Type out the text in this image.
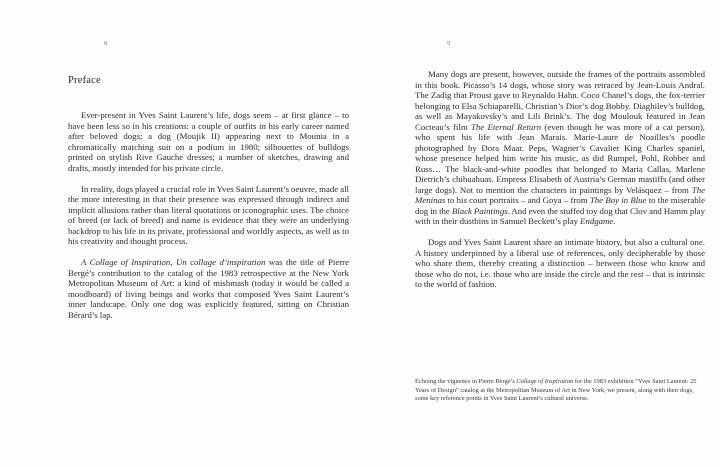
8
Preface

Ever-present in Yves Saint Laurent’s life, dogs seem – at first glance – to have been less so in his creations: a couple of outfits in his early career named after beloved dogs; a dog (Moujik II) appearing next to Mounia in a chromatically matching suit on a podium in 1980; silhouettes of bulldogs printed on stylish Rive Gauche dresses; a number of sketches, drawing and drafts, mostly intended for his private circle.

In reality, dogs played a crucial role in Yves Saint Laurent’s oeuvre, made all the more interesting in that their presence was expressed through indirect and implicit allusions rather than literal quotations or iconographic uses. The choice of breed (or lack of breed) and name is evidence that they were an underlying backdrop to his life in its private, professional and worldly aspects, as well as to his creativity and thought process.

A Collage of Inspiration, Un collage d’inspiration was the title of Pierre Bergé’s contribution to the catalog of the 1983 retrospective at the New York Metropolitan Museum of Art: a kind of mishmash (today it would be called a moodboard) of living beings and works that composed Yves Saint Laurent’s inner landscape. Only one dog was explicitly featured, sitting on Christian Bérard’s lap.

9

Many dogs are present, however, outside the frames of the portraits assembled in this book. Picasso’s 14 dogs, whose story was retraced by Jean-Louis Andral. The Zadig that Proust gave to Reynaldo Hahn. Coco Chanel’s dogs, the fox-terrier belonging to Elsa Schiaparelli, Christian’s Dior’s dog Bobby. Diaghilev’s bulldog, as well as Mayakovsky’s and Lili Brink’s. The dog Moulouk featured in Jean Cocteau’s film The Eternal Return (even though he was more of a cat person), who spent his life with Jean Marais. Marie-Laure de Noailles’s poodle photographed by Dora Maar. Peps, Wagner’s Cavalier King Charles spaniel, whose presence helped him write his music, as did Rumpel, Pohl, Robber and Russ… The black-and-white poodles that belonged to Maria Callas, Marlene Dietrich’s chihuahuas. Empress Elisabeth of Austria’s German mastiffs (and other large dogs). Not to mention the characters in paintings by Velásquez – from The Meninas to his court portraits – and Goya – from The Boy in Blue to the miserable dog in the Black Paintings. And even the stuffed toy dog that Clov and Hamm play with in their dustbins in Samuel Beckett’s play Endgame.

Dogs and Yves Saint Laurent share an intimate history, but also a cultural one. A history underpinned by a liberal use of references, only decipherable by those who share them, thereby creating a distinction – between those who know and those who do not, i.e. those who are inside the circle and the rest – that is intrinsic to the world of fashion.

Echoing the vignettes in Pierre Bergé’s Collage of Inspiration for the 1983 exhibition “Yves Saint Laurent: 25 Years of Design” catalog at the Metropolitan Museum of Art in New York, we present, along with their dogs, some key reference points in Yves Saint Laurent’s cultural universe.
